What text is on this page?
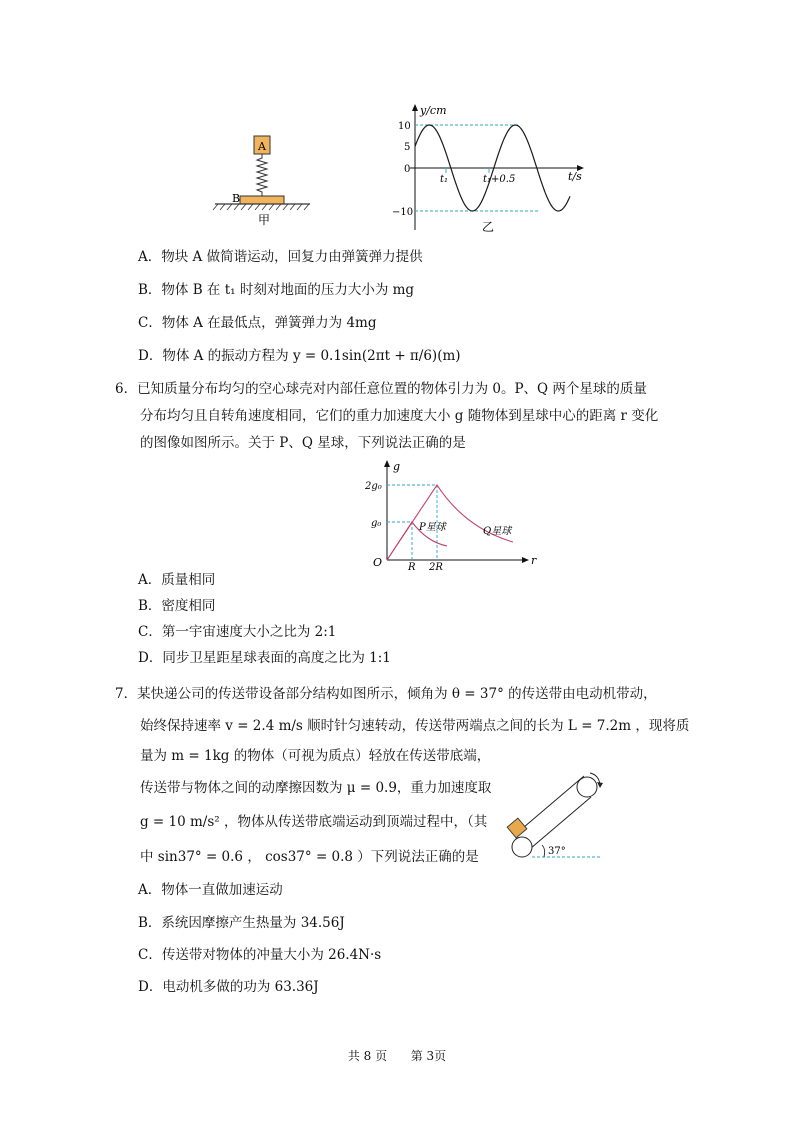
A
B
甲
y/cm
t/s
10
5
0
−10
t₁	t₁+0.5
乙
A．物块 A 做简谐运动，回复力由弹簧弹力提供
B．物体 B 在 t₁ 时刻对地面的压力大小为 mg
C．物体 A 在最低点，弹簧弹力为 4mg
D．物体 A 的振动方程为 y = 0.1sin(2πt + π/6)(m)
6．已知质量分布均匀的空心球壳对内部任意位置的物体引力为 0。P、Q 两个星球的质量
分布均匀且自转角速度相同，它们的重力加速度大小 g 随物体到星球中心的距离 r 变化
的图像如图所示。关于 P、Q 星球，下列说法正确的是
g
r
O
2g₀
g₀
R 2R
P星球	Q星球
A．质量相同
B．密度相同
C．第一宇宙速度大小之比为 2:1
D．同步卫星距星球表面的高度之比为 1:1
7．某快递公司的传送带设备部分结构如图所示，倾角为 θ = 37° 的传送带由电动机带动，
始终保持速率 v = 2.4 m/s 顺时针匀速转动，传送带两端点之间的长为 L = 7.2m ，现将质
量为 m = 1kg 的物体（可视为质点）轻放在传送带底端，
传送带与物体之间的动摩擦因数为 μ = 0.9，重力加速度取
g = 10 m/s² ，物体从传送带底端运动到顶端过程中，（其
中 sin37° = 0.6 ， cos37° = 0.8 ）下列说法正确的是	37°
A．物体一直做加速运动
B．系统因摩擦产生热量为 34.56J
C．传送带对物体的冲量大小为 26.4N·s
D．电动机多做的功为 63.36J
共 8 页 第 3页
